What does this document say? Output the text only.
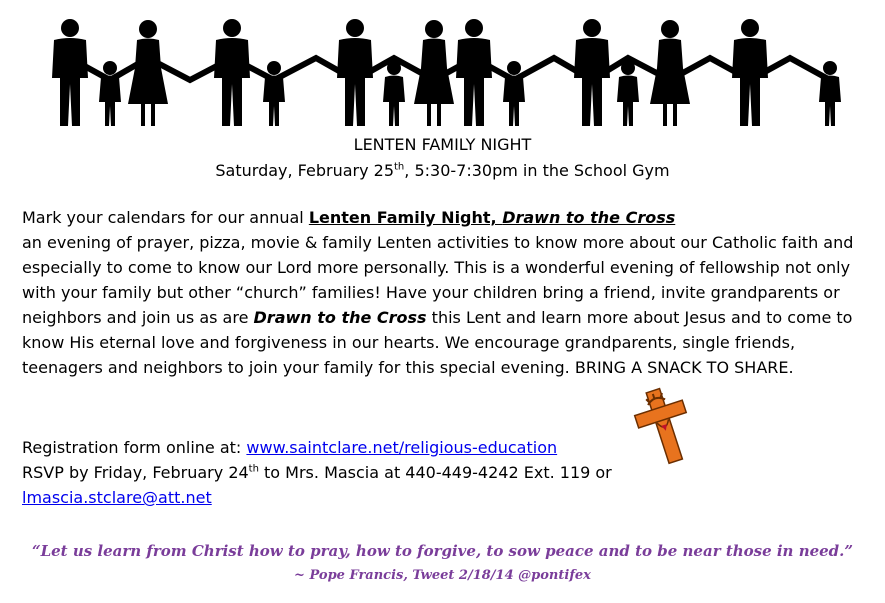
LENTEN FAMILY NIGHT
Saturday, February 25th, 5:30-7:30pm in the School Gym

Mark your calendars for our annual Lenten Family Night, Drawn to the Cross

an evening of prayer, pizza, movie & family Lenten activities to know more about our Catholic faith and especially to come to know our Lord more personally. This is a wonderful evening of fellowship not only with your family but other “church” families! Have your children bring a friend, invite grandparents or neighbors and join us as are Drawn to the Cross this Lent and learn more about Jesus and to come to know His eternal love and forgiveness in our hearts. We encourage grandparents, single friends, teenagers and neighbors to join your family for this special evening. BRING A SNACK TO SHARE.

Registration form online at: www.saintclare.net/religious-education

RSVP by Friday, February 24th to Mrs. Mascia at 440-449-4242 Ext. 119 or

lmascia.stclare@att.net

“Let us learn from Christ how to pray, how to forgive, to sow peace and to be near those in need.”
~ Pope Francis, Tweet 2/18/14 @pontifex
